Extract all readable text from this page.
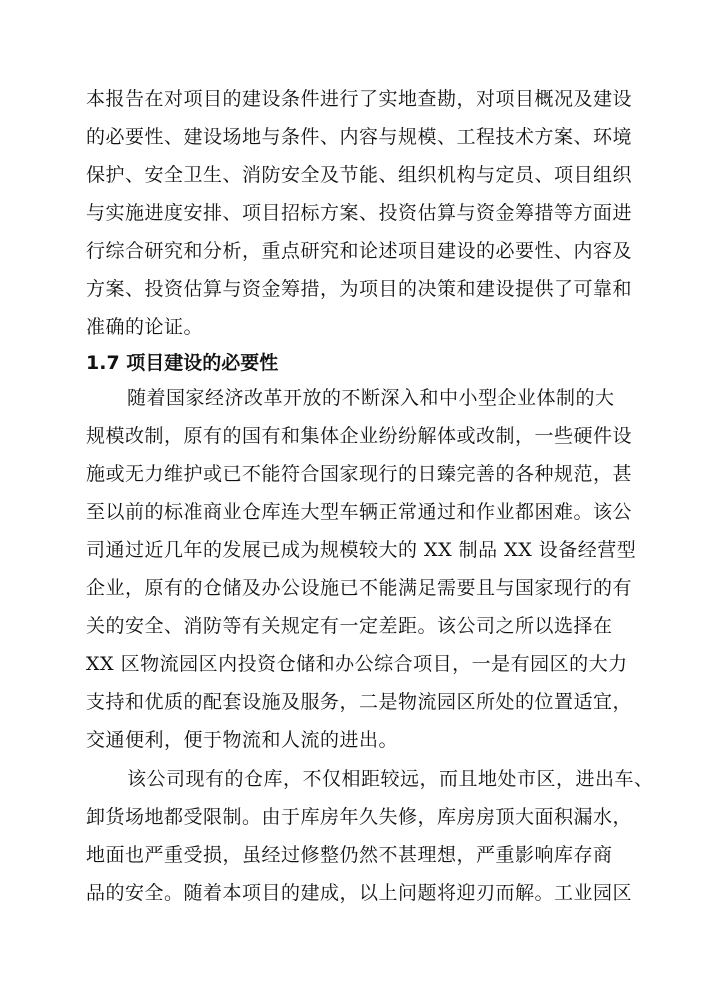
本报告在对项目的建设条件进行了实地查勘，对项目概况及建设
的必要性、建设场地与条件、内容与规模、工程技术方案、环境
保护、安全卫生、消防安全及节能、组织机构与定员、项目组织
与实施进度安排、项目招标方案、投资估算与资金筹措等方面进
行综合研究和分析，重点研究和论述项目建设的必要性、内容及
方案、投资估算与资金筹措，为项目的决策和建设提供了可靠和
准确的论证。
1.7 项目建设的必要性
随着国家经济改革开放的不断深入和中小型企业体制的大
规模改制，原有的国有和集体企业纷纷解体或改制，一些硬件设
施或无力维护或已不能符合国家现行的日臻完善的各种规范，甚
至以前的标准商业仓库连大型车辆正常通过和作业都困难。该公
司通过近几年的发展已成为规模较大的 XX 制品 XX 设备经营型
企业，原有的仓储及办公设施已不能满足需要且与国家现行的有
关的安全、消防等有关规定有一定差距。该公司之所以选择在
XX 区物流园区内投资仓储和办公综合项目，一是有园区的大力
支持和优质的配套设施及服务，二是物流园区所处的位置适宜，
交通便利，便于物流和人流的进出。
该公司现有的仓库，不仅相距较远，而且地处市区，进出车、
卸货场地都受限制。由于库房年久失修，库房房顶大面积漏水，
地面也严重受损，虽经过修整仍然不甚理想，严重影响库存商
品的安全。随着本项目的建成，以上问题将迎刃而解。工业园区
